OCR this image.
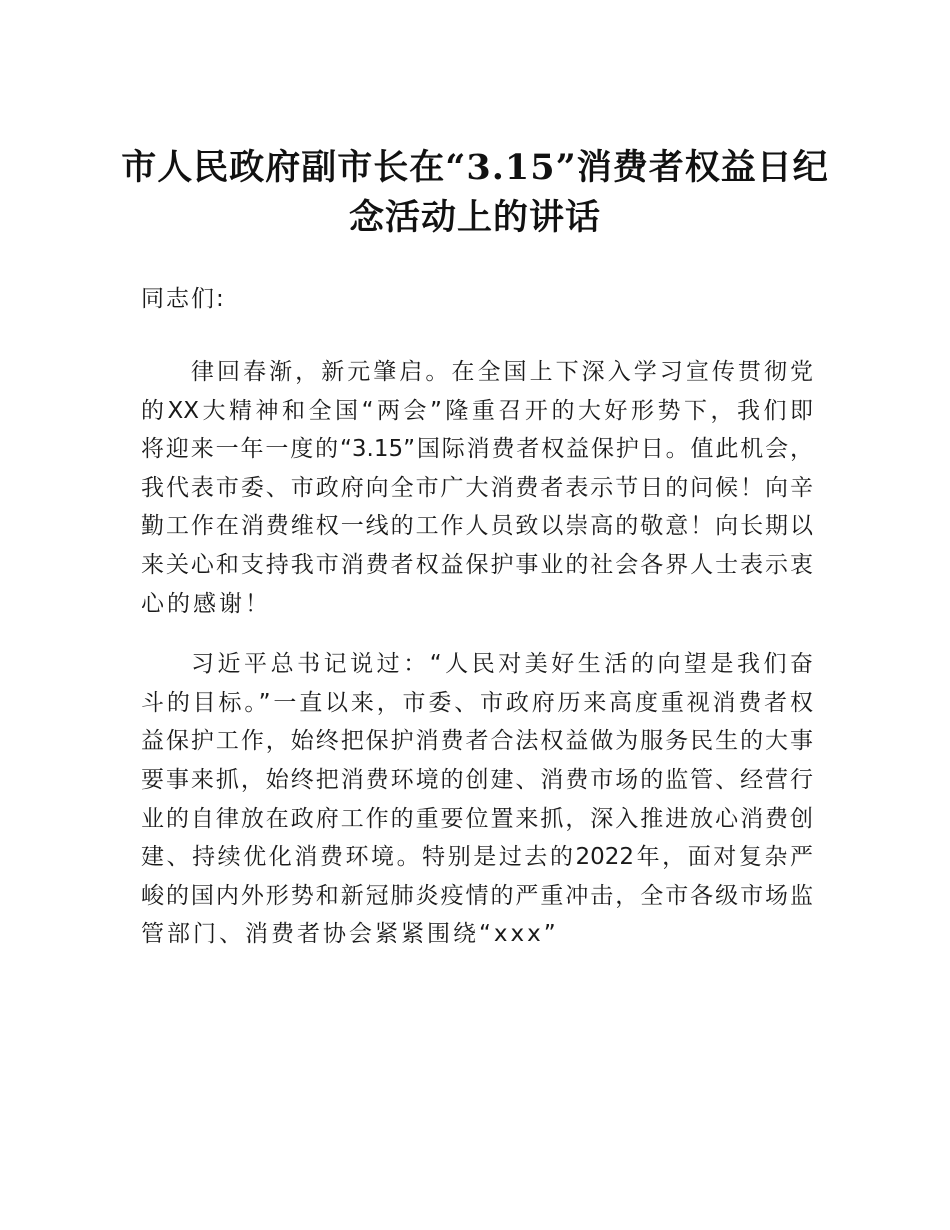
市人民政府副市长在“3.15”消费者权益日纪
念活动上的讲话

同志们:

律回春渐，新元肇启。在全国上下深入学习宣传贯彻党
的XX大精神和全国“两会”隆重召开的大好形势下，我们即
将迎来一年一度的“3.15”国际消费者权益保护日。值此机会，
我代表市委、市政府向全市广大消费者表示节日的问候！向辛
勤工作在消费维权一线的工作人员致以崇高的敬意！向长期以
来关心和支持我市消费者权益保护事业的社会各界人士表示衷
心的感谢！

习近平总书记说过：“人民对美好生活的向望是我们奋
斗的目标。”一直以来，市委、市政府历来高度重视消费者权
益保护工作，始终把保护消费者合法权益做为服务民生的大事
要事来抓，始终把消费环境的创建、消费市场的监管、经营行
业的自律放在政府工作的重要位置来抓，深入推进放心消费创
建、持续优化消费环境。特别是过去的2022年，面对复杂严
峻的国内外形势和新冠肺炎疫情的严重冲击，全市各级市场监
管部门、消费者协会紧紧围绕“xxx”
